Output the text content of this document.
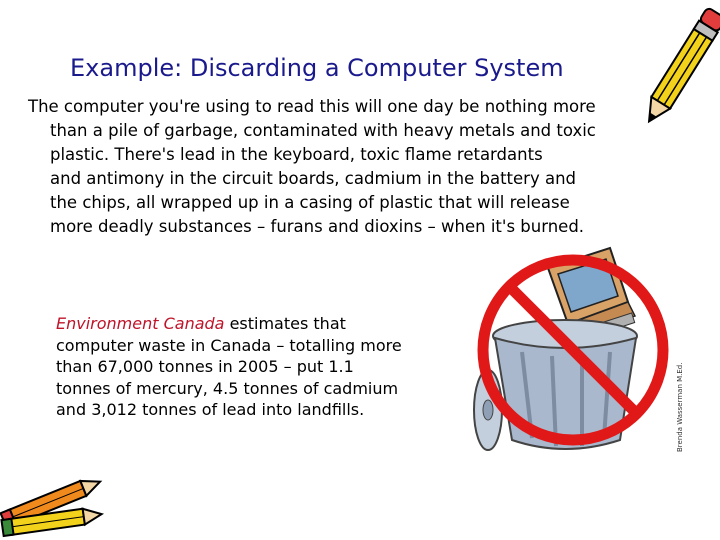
Example: Discarding a Computer System
The computer you're using to read this will one day be nothing more
than a pile of garbage, contaminated with heavy metals and toxic
plastic. There's lead in the keyboard, toxic flame retardants
and antimony in the circuit boards, cadmium in the battery and
the chips, all wrapped up in a casing of plastic that will release
more deadly substances – furans and dioxins – when it's burned.
Environment Canada estimates that
computer waste in Canada – totalling more
than 67,000 tonnes in 2005 – put 1.1
tonnes of mercury, 4.5 tonnes of cadmium
and 3,012 tonnes of lead into landfills.	Brenda Wasserman M.Ed.
